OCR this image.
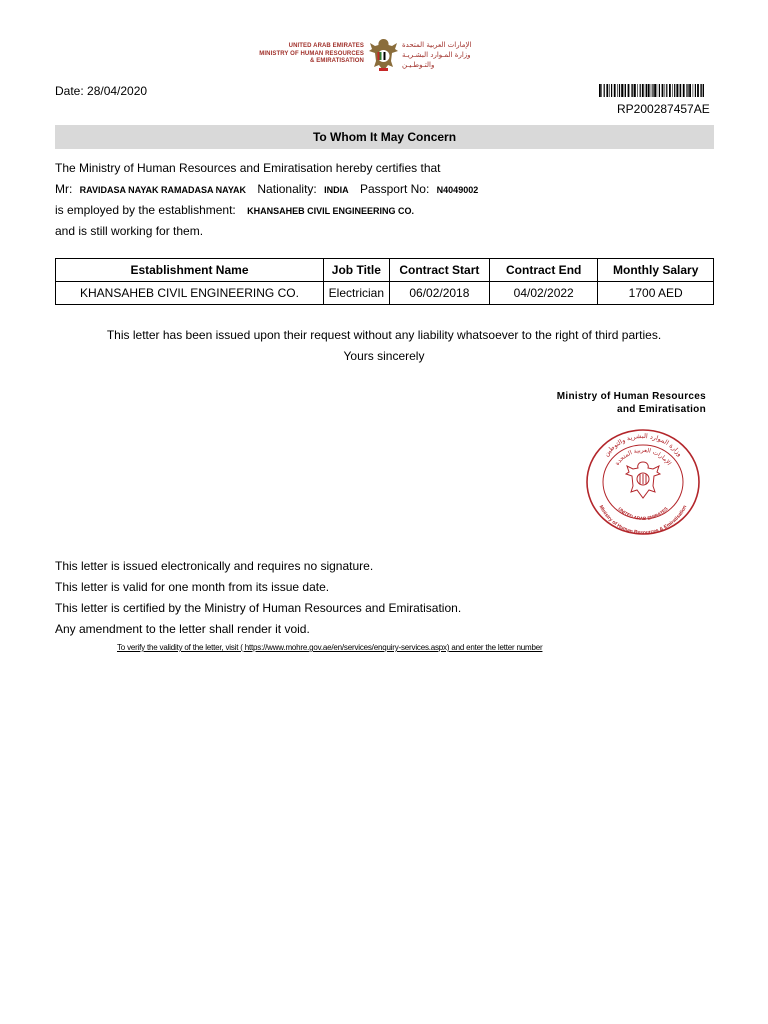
UNITED ARAB EMIRATES
MINISTRY OF HUMAN RESOURCES
& EMIRATISATION
الإمارات العربية المتحدة
وزارة المـوارد البشـريـة
والتـوطـيـن
Date: 28/04/2020
RP200287457AE
To Whom It May Concern
The Ministry of Human Resources and Emiratisation hereby certifies that
Mr: RAVIDASA NAYAK RAMADASA NAYAK Nationality: INDIA Passport No: N4049002
is employed by the establishment: KHANSAHEB CIVIL ENGINEERING CO.
and is still working for them.
Establishment Name	Job Title	Contract Start	Contract End	Monthly Salary
KHANSAHEB CIVIL ENGINEERING CO.	Electrician	06/02/2018	04/02/2022	1700 AED
This letter has been issued upon their request without any liability whatsoever to the right of third parties.
Yours sincerely
Ministry of Human Resources
and Emiratisation
وزارة الموارد البشرية والتوطين
Ministry of Human Resources & Emiratisation
الإمارات العربية المتحدة
UNITED ARAB EMIRATES
This letter is issued electronically and requires no signature.
This letter is valid for one month from its issue date.
This letter is certified by the Ministry of Human Resources and Emiratisation.
Any amendment to the letter shall render it void.
To verify the validity of the letter, visit ( https://www.mohre.gov.ae/en/services/enquiry-services.aspx) and enter the letter number
